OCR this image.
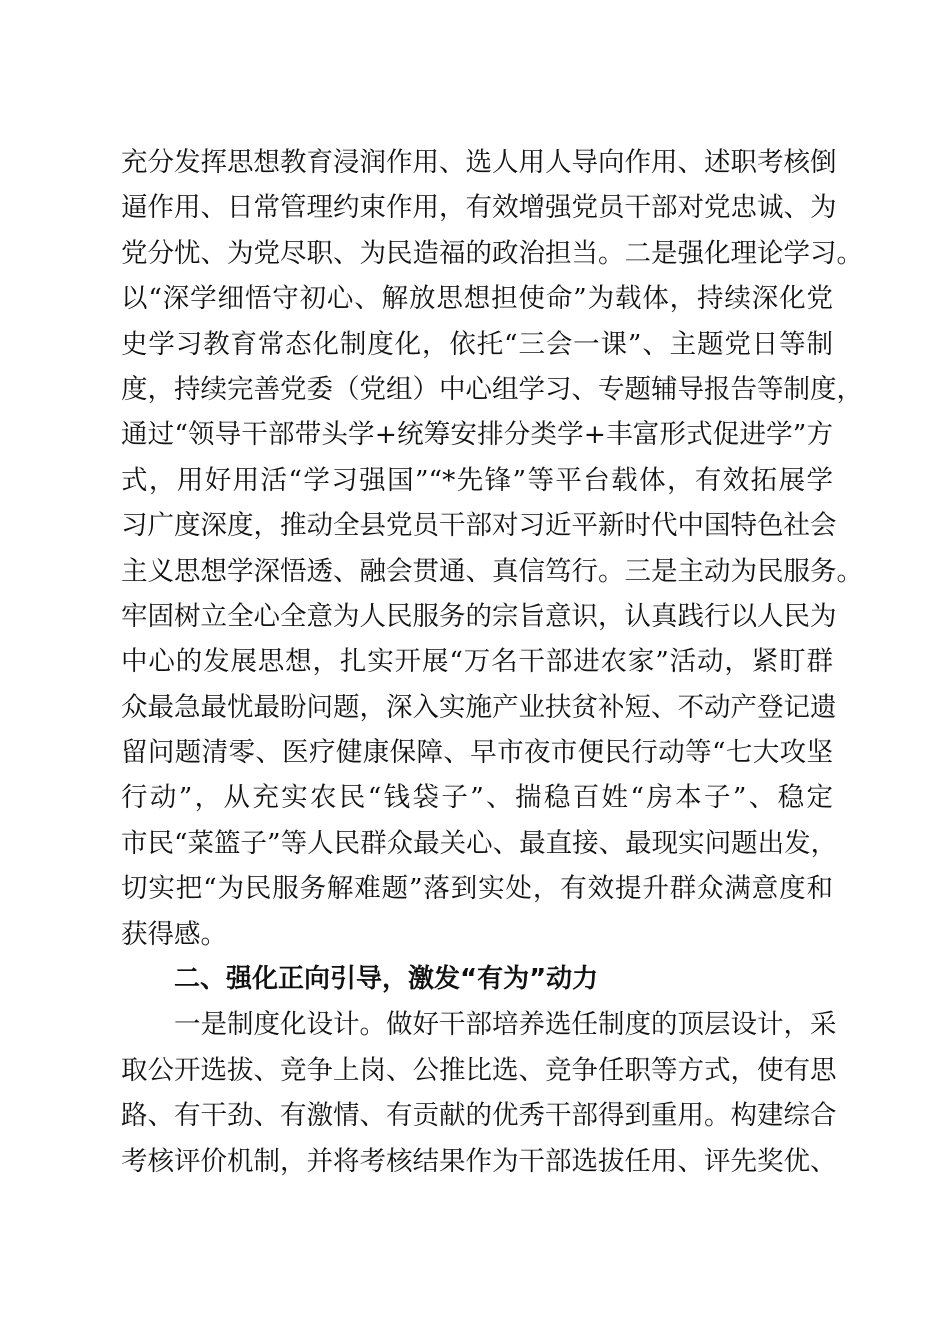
充分发挥思想教育浸润作用、选人用人导向作用、述职考核倒
逼作用、日常管理约束作用，有效增强党员干部对党忠诚、为
党分忧、为党尽职、为民造福的政治担当。二是强化理论学习。
以“深学细悟守初心、解放思想担使命”为载体，持续深化党
史学习教育常态化制度化，依托“三会一课”、主题党日等制
度，持续完善党委（党组）中心组学习、专题辅导报告等制度，
通过“领导干部带头学+统筹安排分类学+丰富形式促进学”方
式，用好用活“学习强国”“*先锋”等平台载体，有效拓展学
习广度深度，推动全县党员干部对习近平新时代中国特色社会
主义思想学深悟透、融会贯通、真信笃行。三是主动为民服务。
牢固树立全心全意为人民服务的宗旨意识，认真践行以人民为
中心的发展思想，扎实开展“万名干部进农家”活动，紧盯群
众最急最忧最盼问题，深入实施产业扶贫补短、不动产登记遗
留问题清零、医疗健康保障、早市夜市便民行动等“七大攻坚
行动”，从充实农民“钱袋子”、揣稳百姓“房本子”、稳定
市民“菜篮子”等人民群众最关心、最直接、最现实问题出发，
切实把“为民服务解难题”落到实处，有效提升群众满意度和
获得感。
二、强化正向引导，激发“有为”动力
一是制度化设计。做好干部培养选任制度的顶层设计，采
取公开选拔、竞争上岗、公推比选、竞争任职等方式，使有思
路、有干劲、有激情、有贡献的优秀干部得到重用。构建综合
考核评价机制，并将考核结果作为干部选拔任用、评先奖优、
